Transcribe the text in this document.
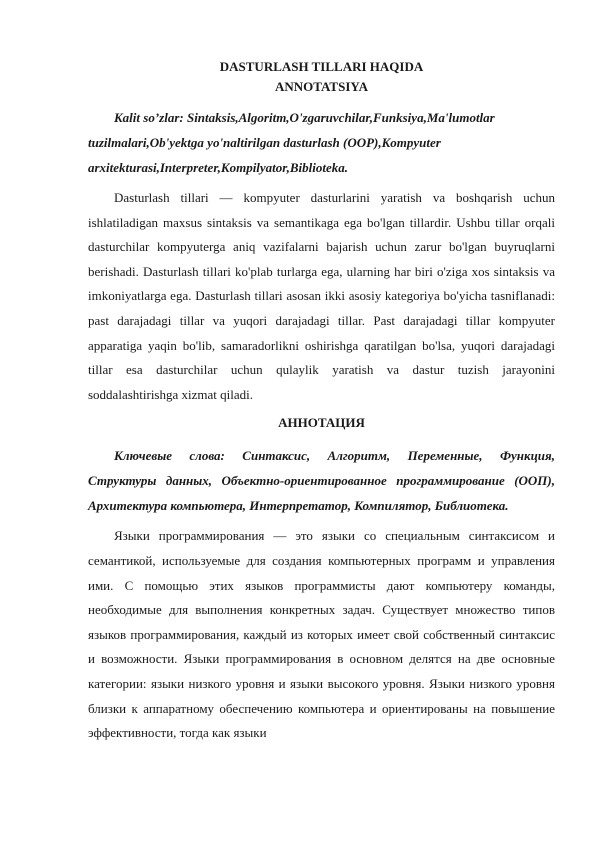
DASTURLASH TILLARI HAQIDA

ANNOTATSIYA

Kalit so’zlar: Sintaksis,Algoritm,O'zgaruvchilar,Funksiya,Ma'lumotlar tuzilmalari,Ob'yektga yo'naltirilgan dasturlash (OOP),Kompyuter arxitekturasi,Interpreter,Kompilyator,Biblioteka.

Dasturlash tillari — kompyuter dasturlarini yaratish va boshqarish uchun ishlatiladigan maxsus sintaksis va semantikaga ega bo'lgan tillardir. Ushbu tillar orqali dasturchilar kompyuterga aniq vazifalarni bajarish uchun zarur bo'lgan buyruqlarni berishadi. Dasturlash tillari ko'plab turlarga ega, ularning har biri o'ziga xos sintaksis va imkoniyatlarga ega. Dasturlash tillari asosan ikki asosiy kategoriya bo'yicha tasniflanadi: past darajadagi tillar va yuqori darajadagi tillar. Past darajadagi tillar kompyuter apparatiga yaqin bo'lib, samaradorlikni oshirishga qaratilgan bo'lsa, yuqori darajadagi tillar esa dasturchilar uchun qulaylik yaratish va dastur tuzish jarayonini soddalashtirishga xizmat qiladi.

АННОТАЦИЯ

Ключевые слова: Синтаксис, Алгоритм, Переменные, Функция, Структуры данных, Объектно-ориентированное программирование (ООП), Архитектура компьютера, Интерпретатор, Компилятор, Библиотека.

Языки программирования — это языки со специальным синтаксисом и семантикой, используемые для создания компьютерных программ и управления ими. С помощью этих языков программисты дают компьютеру команды, необходимые для выполнения конкретных задач. Существует множество типов языков программирования, каждый из которых имеет свой собственный синтаксис и возможности. Языки программирования в основном делятся на две основные категории: языки низкого уровня и языки высокого уровня. Языки низкого уровня близки к аппаратному обеспечению компьютера и ориентированы на повышение эффективности, тогда как языки
